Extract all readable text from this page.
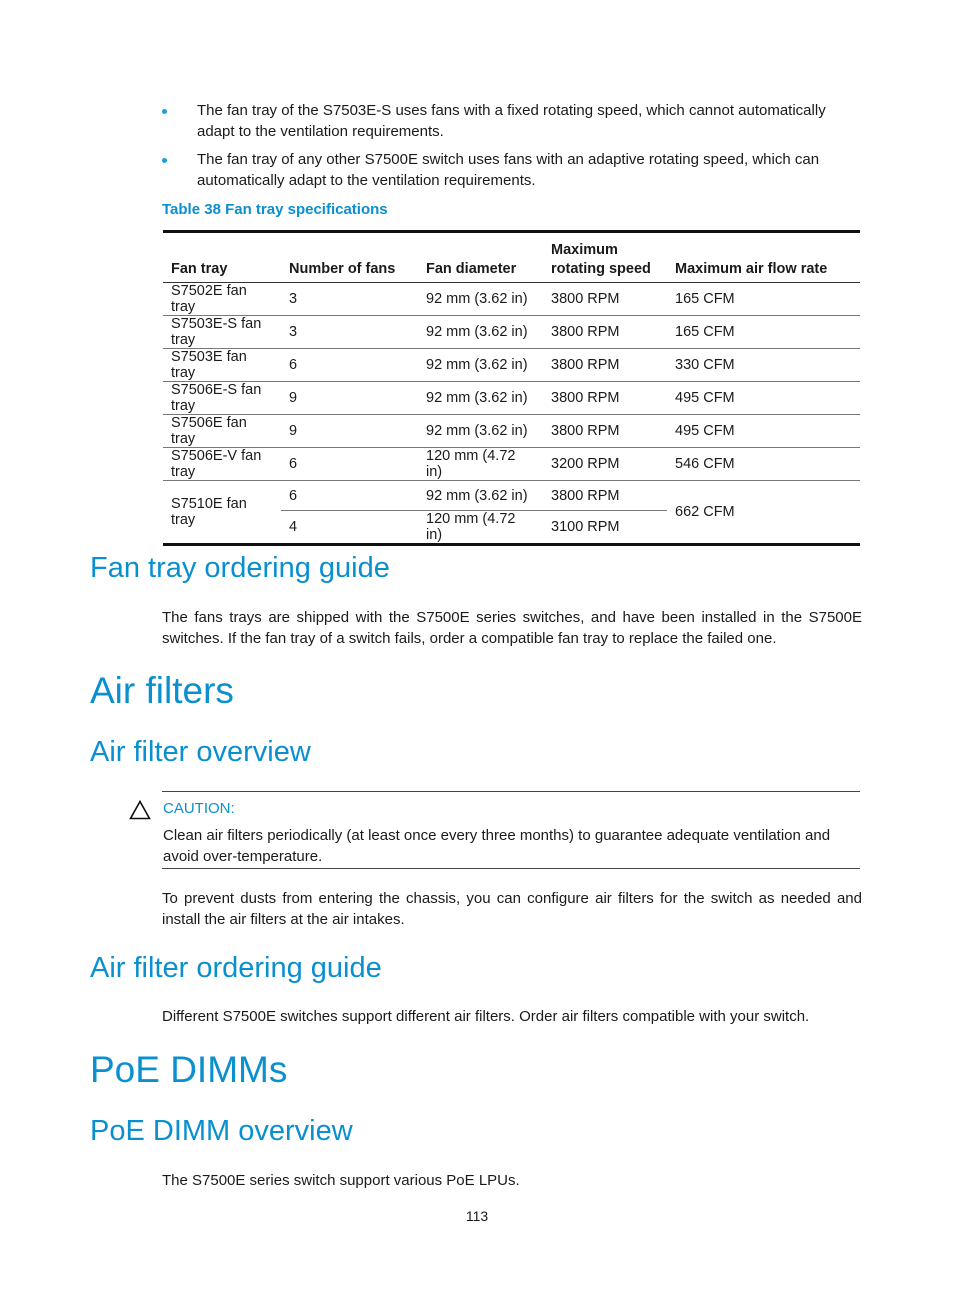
The fan tray of the S7503E-S uses fans with a fixed rotating speed, which cannot automatically adapt to the ventilation requirements.
The fan tray of any other S7500E switch uses fans with an adaptive rotating speed, which can automatically adapt to the ventilation requirements.
Table 38 Fan tray specifications
Fan tray	Number of fans	Fan diameter	Maximum rotating speed	Maximum air flow rate
S7502E fan tray	3	92 mm (3.62 in)	3800 RPM	165 CFM
S7503E-S fan tray	3	92 mm (3.62 in)	3800 RPM	165 CFM
S7503E fan tray	6	92 mm (3.62 in)	3800 RPM	330 CFM
S7506E-S fan tray	9	92 mm (3.62 in)	3800 RPM	495 CFM
S7506E fan tray	9	92 mm (3.62 in)	3800 RPM	495 CFM
S7506E-V fan tray	6	120 mm (4.72 in)	3200 RPM	546 CFM
S7510E fan tray	6	92 mm (3.62 in)	3800 RPM	662 CFM
	4	120 mm (4.72 in)	3100 RPM	
Fan tray ordering guide
The fans trays are shipped with the S7500E series switches, and have been installed in the S7500E switches. If the fan tray of a switch fails, order a compatible fan tray to replace the failed one.
Air filters
Air filter overview
CAUTION:
Clean air filters periodically (at least once every three months) to guarantee adequate ventilation and avoid over-temperature.
To prevent dusts from entering the chassis, you can configure air filters for the switch as needed and install the air filters at the air intakes.
Air filter ordering guide
Different S7500E switches support different air filters. Order air filters compatible with your switch.
PoE DIMMs
PoE DIMM overview
The S7500E series switch support various PoE LPUs.
113
